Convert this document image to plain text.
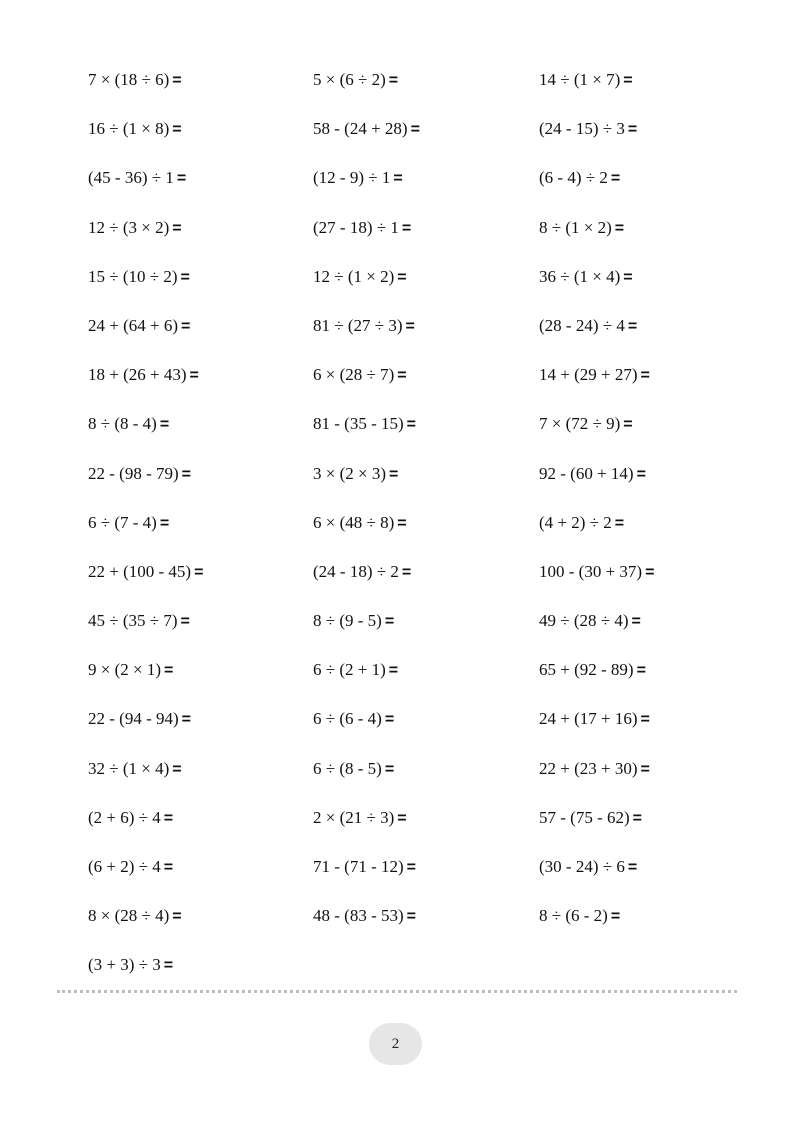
7 × (18 ÷ 6) =	5 × (6 ÷ 2) =	14 ÷ (1 × 7) =
16 ÷ (1 × 8) =	58 - (24 + 28) =	(24 - 15) ÷ 3 =
(45 - 36) ÷ 1 =	(12 - 9) ÷ 1 =	(6 - 4) ÷ 2 =
12 ÷ (3 × 2) =	(27 - 18) ÷ 1 =	8 ÷ (1 × 2) =
15 ÷ (10 ÷ 2) =	12 ÷ (1 × 2) =	36 ÷ (1 × 4) =
24 + (64 + 6) =	81 ÷ (27 ÷ 3) =	(28 - 24) ÷ 4 =
18 + (26 + 43) =	6 × (28 ÷ 7) =	14 + (29 + 27) =
8 ÷ (8 - 4) =	81 - (35 - 15) =	7 × (72 ÷ 9) =
22 - (98 - 79) =	3 × (2 × 3) =	92 - (60 + 14) =
6 ÷ (7 - 4) =	6 × (48 ÷ 8) =	(4 + 2) ÷ 2 =
22 + (100 - 45) =	(24 - 18) ÷ 2 =	100 - (30 + 37) =
45 ÷ (35 ÷ 7) =	8 ÷ (9 - 5) =	49 ÷ (28 ÷ 4) =
9 × (2 × 1) =	6 ÷ (2 + 1) =	65 + (92 - 89) =
22 - (94 - 94) =	6 ÷ (6 - 4) =	24 + (17 + 16) =
32 ÷ (1 × 4) =	6 ÷ (8 - 5) =	22 + (23 + 30) =
(2 + 6) ÷ 4 =	2 × (21 ÷ 3) =	57 - (75 - 62) =
(6 + 2) ÷ 4 =	71 - (71 - 12) =	(30 - 24) ÷ 6 =
8 × (28 ÷ 4) =	48 - (83 - 53) =	8 ÷ (6 - 2) =
(3 + 3) ÷ 3 =
2
